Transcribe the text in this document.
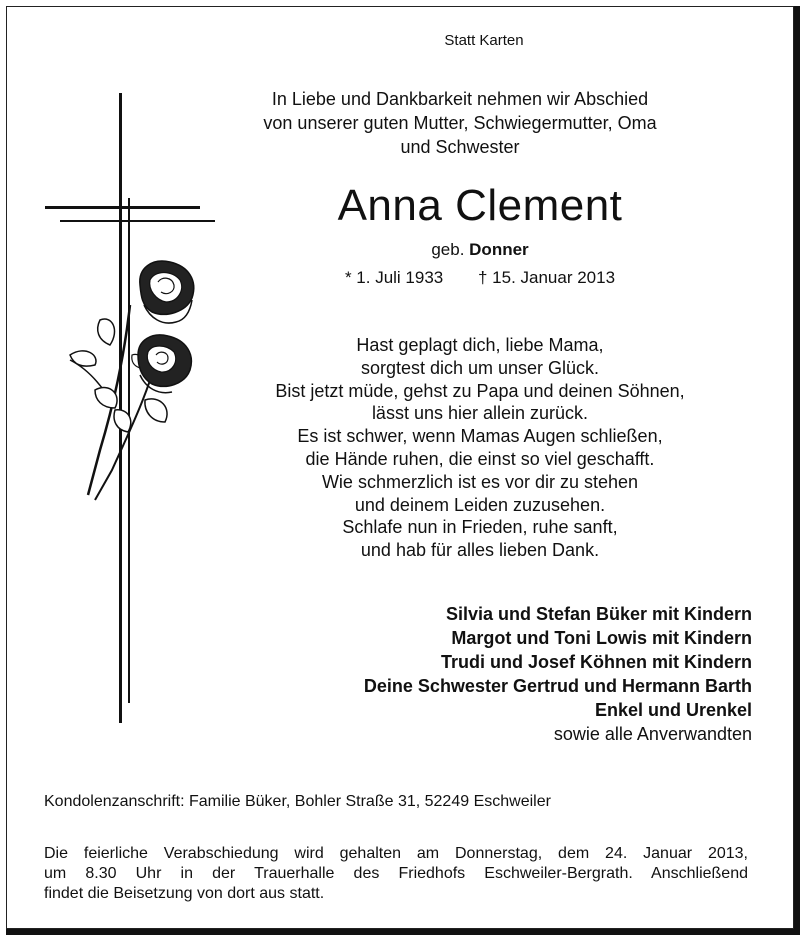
Statt Karten
In Liebe und Dankbarkeit nehmen wir Abschied
von unserer guten Mutter, Schwiegermutter, Oma
und Schwester
Anna Clement
geb. Donner
* 1. Juli 1933 † 15. Januar 2013
Hast geplagt dich, liebe Mama,
sorgtest dich um unser Glück.
Bist jetzt müde, gehst zu Papa und deinen Söhnen,
lässt uns hier allein zurück.
Es ist schwer, wenn Mamas Augen schließen,
die Hände ruhen, die einst so viel geschafft.
Wie schmerzlich ist es vor dir zu stehen
und deinem Leiden zuzusehen.
Schlafe nun in Frieden, ruhe sanft,
und hab für alles lieben Dank.
Silvia und Stefan Büker mit Kindern
Margot und Toni Lowis mit Kindern
Trudi und Josef Köhnen mit Kindern
Deine Schwester Gertrud und Hermann Barth
Enkel und Urenkel
sowie alle Anverwandten
Kondolenzanschrift: Familie Büker, Bohler Straße 31, 52249 Eschweiler
Die feierliche Verabschiedung wird gehalten am Donnerstag, dem 24. Januar 2013,
um 8.30 Uhr in der Trauerhalle des Friedhofs Eschweiler-Bergrath. Anschließend
findet die Beisetzung von dort aus statt.
